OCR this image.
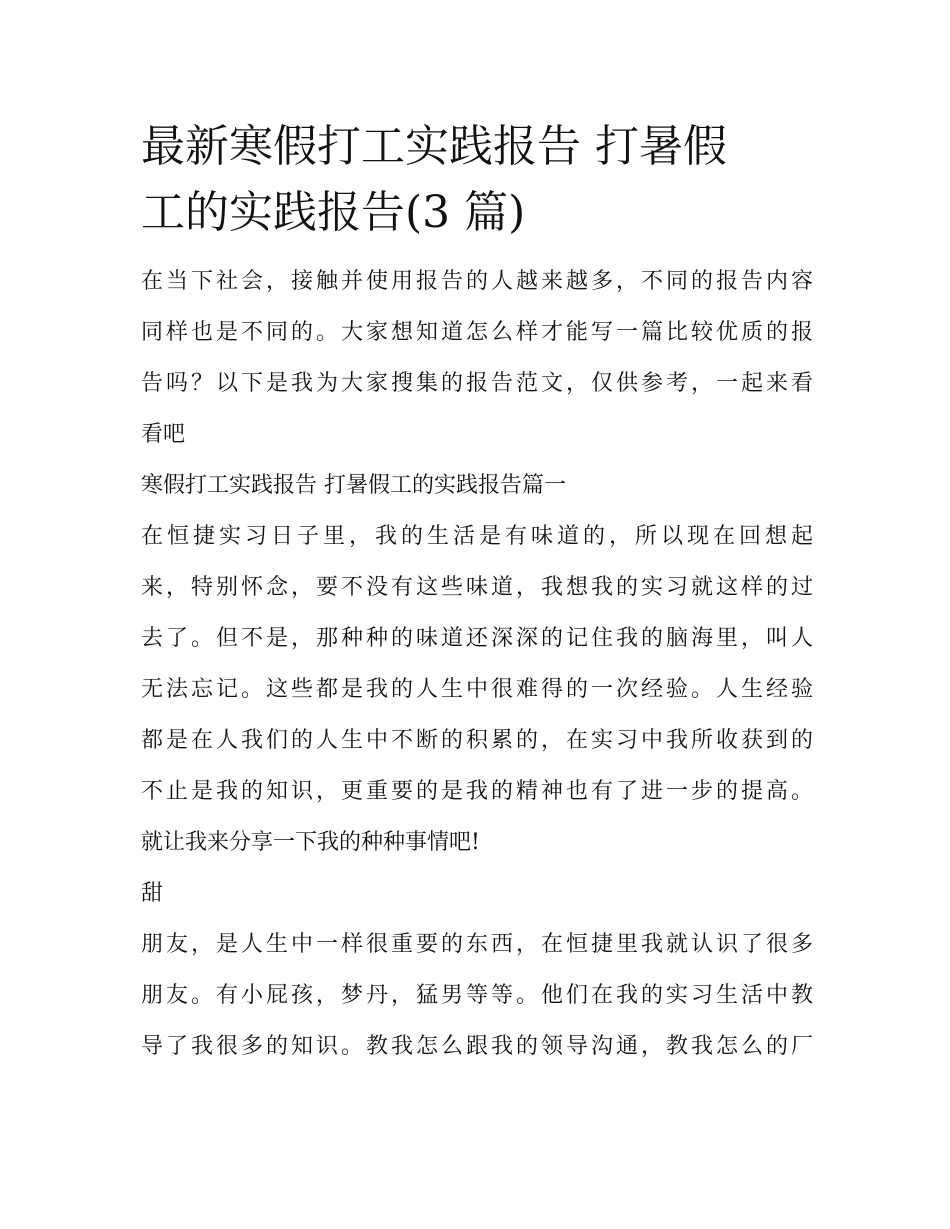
最新寒假打工实践报告 打暑假
工的实践报告(3 篇)

在当下社会，接触并使用报告的人越来越多，不同的报告内容
同样也是不同的。大家想知道怎么样才能写一篇比较优质的报
告吗？以下是我为大家搜集的报告范文，仅供参考，一起来看
看吧

寒假打工实践报告 打暑假工的实践报告篇一

在恒捷实习日子里，我的生活是有味道的，所以现在回想起
来，特别怀念，要不没有这些味道，我想我的实习就这样的过
去了。但不是，那种种的味道还深深的记住我的脑海里，叫人
无法忘记。这些都是我的人生中很难得的一次经验。人生经验
都是在人我们的人生中不断的积累的，在实习中我所收获到的
不止是我的知识，更重要的是我的精神也有了进一步的提高。
就让我来分享一下我的种种事情吧!

甜

朋友，是人生中一样很重要的东西，在恒捷里我就认识了很多
朋友。有小屁孩，梦丹，猛男等等。他们在我的实习生活中教
导了我很多的知识。教我怎么跟我的领导沟通，教我怎么的厂
